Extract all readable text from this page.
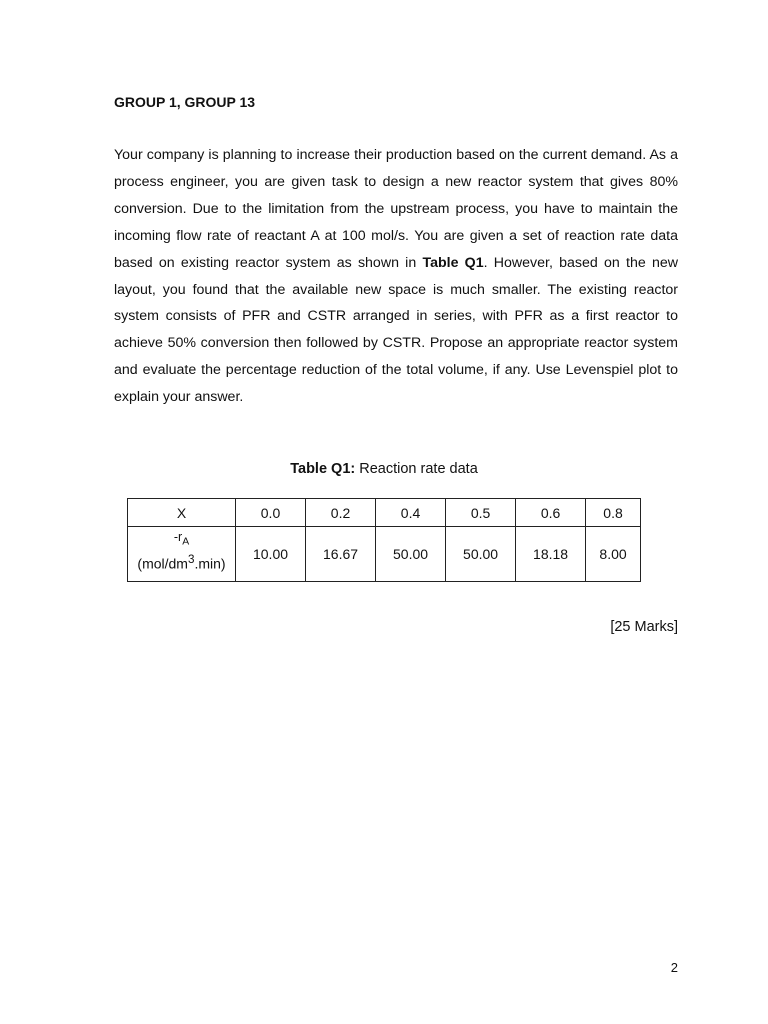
GROUP 1, GROUP 13

Your company is planning to increase their production based on the current demand. As a process engineer, you are given task to design a new reactor system that gives 80% conversion. Due to the limitation from the upstream process, you have to maintain the incoming flow rate of reactant A at 100 mol/s. You are given a set of reaction rate data based on existing reactor system as shown in Table Q1. However, based on the new layout, you found that the available new space is much smaller. The existing reactor system consists of PFR and CSTR arranged in series, with PFR as a first reactor to achieve 50% conversion then followed by CSTR. Propose an appropriate reactor system and evaluate the percentage reduction of the total volume, if any. Use Levenspiel plot to explain your answer.

Table Q1: Reaction rate data
X	0.0	0.2	0.4	0.5	0.6	0.8

$-r_A$
$(mol/dm^3.\min)$	10.00	16.67	50.00	50.00	18.18	8.00
[25 Marks]
2
